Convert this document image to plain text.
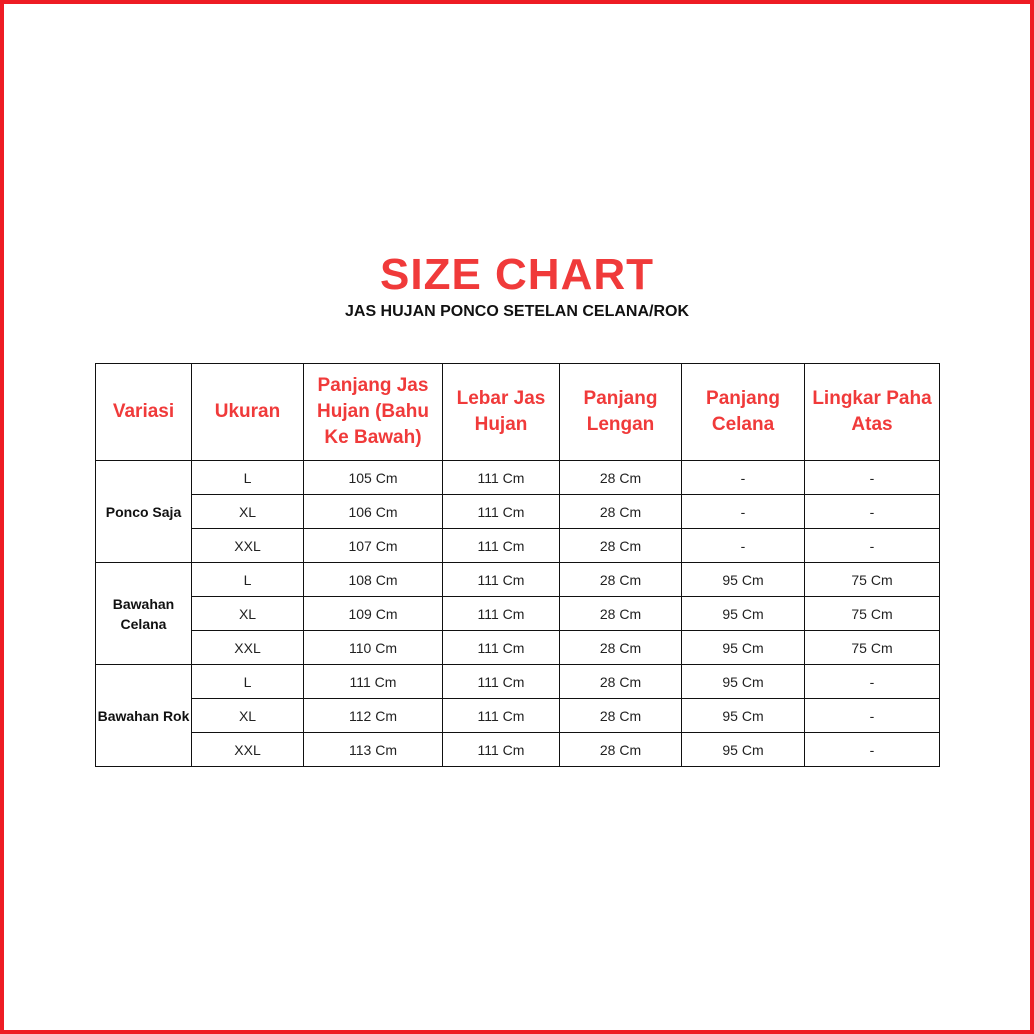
SIZE CHART
JAS HUJAN PONCO SETELAN CELANA/ROK
Variasi	Ukuran	Panjang Jas Hujan (Bahu Ke Bawah)	Lebar Jas Hujan	Panjang Lengan	Panjang Celana	Lingkar Paha Atas
Ponco Saja	L	105 Cm	111 Cm	28 Cm	-	-
	XL	106 Cm	111 Cm	28 Cm	-	-
	XXL	107 Cm	111 Cm	28 Cm	-	-
Bawahan Celana	L	108 Cm	111 Cm	28 Cm	95 Cm	75 Cm
	XL	109 Cm	111 Cm	28 Cm	95 Cm	75 Cm
	XXL	110 Cm	111 Cm	28 Cm	95 Cm	75 Cm
Bawahan Rok	L	111 Cm	111 Cm	28 Cm	95 Cm	-
	XL	112 Cm	111 Cm	28 Cm	95 Cm	-
	XXL	113 Cm	111 Cm	28 Cm	95 Cm	-
